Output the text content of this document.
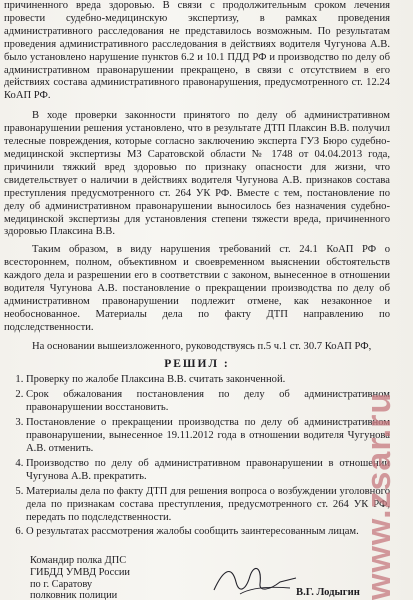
причиненного вреда здоровью. В связи с продолжительным сроком лечения провести судебно-медицинскую экспертизу, в рамках проведения административного расследования не представилось возможным. По результатам проведения административного расследования в действиях водителя Чугунова А.В. было установлено нарушение пунктов 6.2 и 10.1 ПДД РФ и производство по делу об административном правонарушении прекращено, в связи с отсутствием в его действиях состава административного правонарушения, предусмотренного ст. 12.24 КоАП РФ.

В ходе проверки законности принятого по делу об административном правонарушении решения установлено, что в результате ДТП Плаксин В.В. получил телесные повреждения, которые согласно заключению эксперта ГУЗ Бюро судебно-медицинской экспертизы МЗ Саратовской области № 1748 от 04.04.2013 года, причинили тяжкий вред здоровью по признаку опасности для жизни, что свидетельствует о наличии в действиях водителя Чугунова А.В. признаков состава преступления предусмотренного ст. 264 УК РФ. Вместе с тем, постановление по делу об административном правонарушении выносилось без назначения судебно-медицинской экспертизы для установления степени тяжести вреда, причиненного здоровью Плаксина В.В.

Таким образом, в виду нарушения требований ст. 24.1 КоАП РФ о всестороннем, полном, объективном и своевременном выяснении обстоятельств каждого дела и разрешении его в соответствии с законом, вынесенное в отношении водителя Чугунова А.В. постановление о прекращении производства по делу об административном правонарушении подлежит отмене, как незаконное и необоснованное. Материалы дела по факту ДТП направлению по подследственности.

На основании вышеизложенного, руководствуясь п.5 ч.1 ст. 30.7 КоАП РФ,

РЕШИЛ :
1. Проверку по жалобе Плаксина В.В. считать законченной.
2. Срок обжалования постановления по делу об административном правонарушении восстановить.
3. Постановление о прекращении производства по делу об административном правонарушении, вынесенное 19.11.2012 года в отношении водителя Чугунова А.В. отменить.
4. Производство по делу об административном правонарушении в отношении Чугунова А.В. прекратить.
5. Материалы дела по факту ДТП для решения вопроса о возбуждении уголовного дела по признакам состава преступления, предусмотренного ст. 264 УК РФ, передать по подследственности.
6. О результатах рассмотрения жалобы сообщить заинтересованным лицам.
Командир полка ДПС
ГИБДД УМВД России
по г. Саратову
полковник полиции	В.Г. Лодыгин www.zsar.ru
